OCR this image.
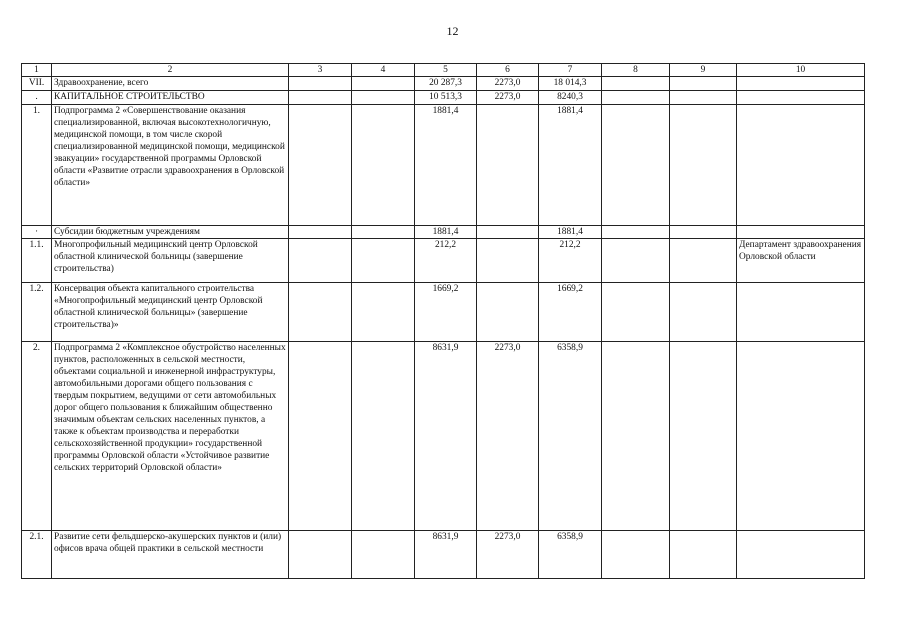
12
1	2	3	4	5	6	7	8	9	10
VII.	Здравоохранение, всего			20 287,3	2273,0	18 014,3			
.	КАПИТАЛЬНОЕ СТРОИТЕЛЬСТВО			10 513,3	2273,0	8240,3			
1.	Подпрограмма 2 «Совершенствование оказания специализированной, включая высокотехнологичную, медицинской помощи, в том числе скорой специализированной медицинской помощи, медицинской эвакуации» государственной программы Орловской области «Развитие отрасли здравоохранения в Орловской области»			1881,4		1881,4			
·	Субсидии бюджетным учреждениям			1881,4		1881,4			
1.1.	Многопрофильный медицинский центр Орловской областной клинической больницы (завершение строительства)			212,2		212,2			Департамент здравоохранения Орловской области
1.2.	Консервация объекта капитального строительства «Многопрофильный медицинский центр Орловской областной клинической больницы» (завершение строительства)»			1669,2		1669,2			
2.	Подпрограмма 2 «Комплексное обустройство населенных пунктов, расположенных в сельской местности, объектами социальной и инженерной инфраструктуры, автомобильными дорогами общего пользования с твердым покрытием, ведущими от сети автомобильных дорог общего пользования к ближайшим общественно значимым объектам сельских населенных пунктов, а также к объектам производства и переработки сельскохозяйственной продукции» государственной программы Орловской области «Устойчивое развитие сельских территорий Орловской области»			8631,9	2273,0	6358,9			
2.1.	Развитие сети фельдшерско-акушерских пунктов и (или) офисов врача общей практики в сельской местности			8631,9	2273,0	6358,9			
